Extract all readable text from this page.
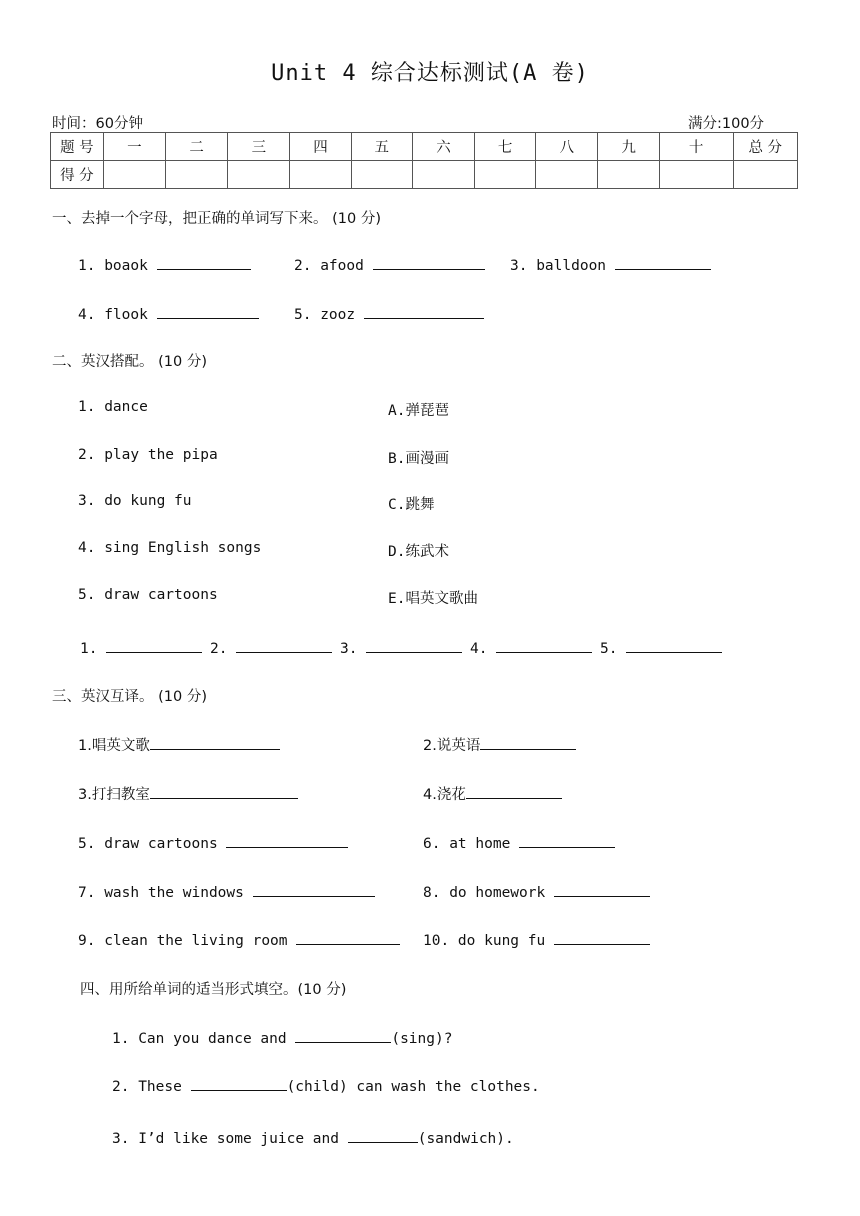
Unit 4 综合达标测试(A 卷)
时间：60分钟	满分:100分
题 号	一	二	三	四	五	六	七	八	九	十	总 分
得 分											
一、去掉一个字母，把正确的单词写下来。 (10 分)
1. boaok	2. afood	3. balldoon
4. flook	5. zooz
二、英汉搭配。 (10 分)
1. dance
2. play the pipa
3. do kung fu
4. sing English songs
5. draw cartoons
A.弹琵琶
B.画漫画
C.跳舞
D.练武术
E.唱英文歌曲
1.	2.	3.	4.	5.
三、英汉互译。 (10 分)
1.唱英文歌	2.说英语
3.打扫教室	4.浇花
5. draw cartoons	6. at home
7. wash the windows	8. do homework
9. clean the living room	10. do kung fu
四、用所给单词的适当形式填空。(10 分)
1. Can you dance and	(sing)?
2. These	(child) can wash the clothes.
3. I’d like some juice and	(sandwich).
